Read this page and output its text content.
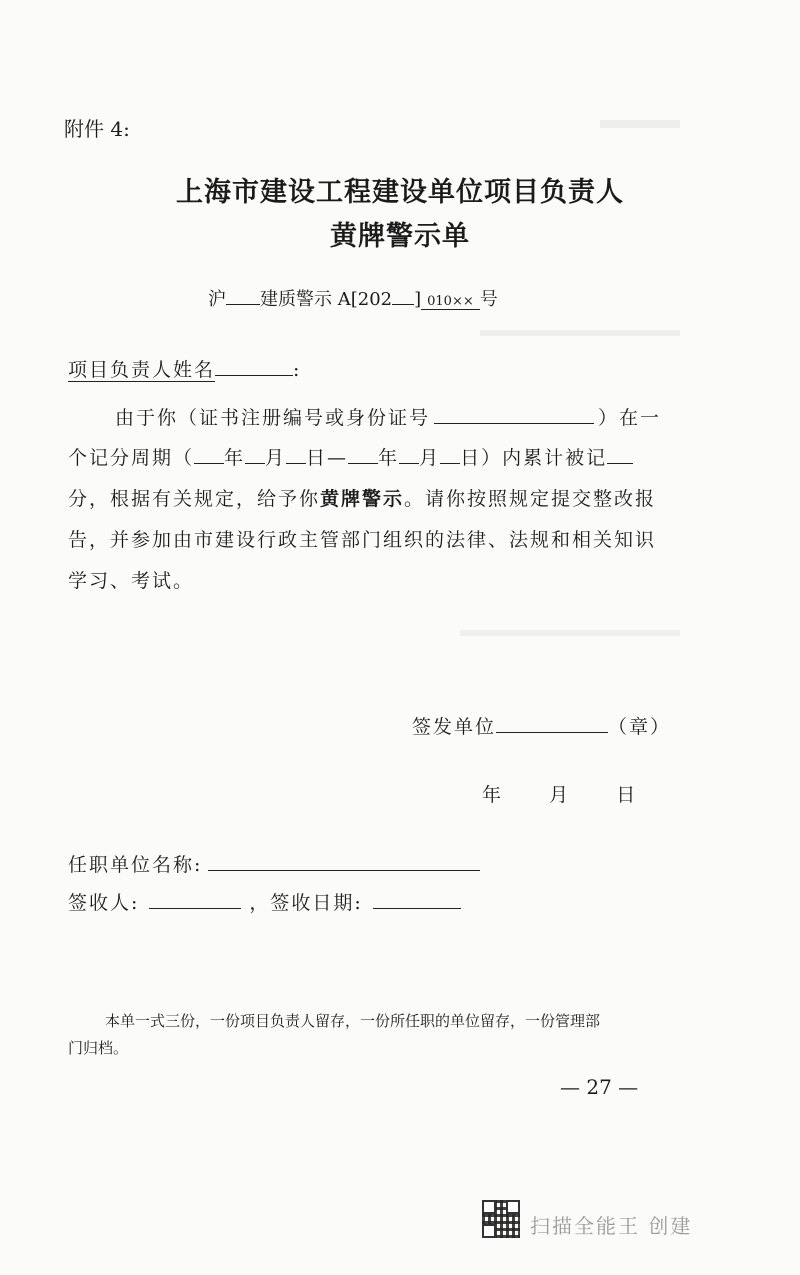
附件 4:
上海市建设工程建设单位项目负责人
黄牌警示单
沪 建质警示 A[202 ] 010×× 号
项目负责人姓名	:
由于你（证书注册编号或身份证号	）在一
个记分周期（ 年 月 日— 年 月 日）内累计被记
分，根据有关规定，给予你黄牌警示。请你按照规定提交整改报
告，并参加由市建设行政主管部门组织的法律、法规和相关知识
学习、考试。
签发单位	（章）
年 月 日
任职单位名称:
签收人:	，签收日期:
本单一式三份，一份项目负责人留存，一份所任职的单位留存，一份管理部
门归档。
— 27 —
扫描全能王 创建
